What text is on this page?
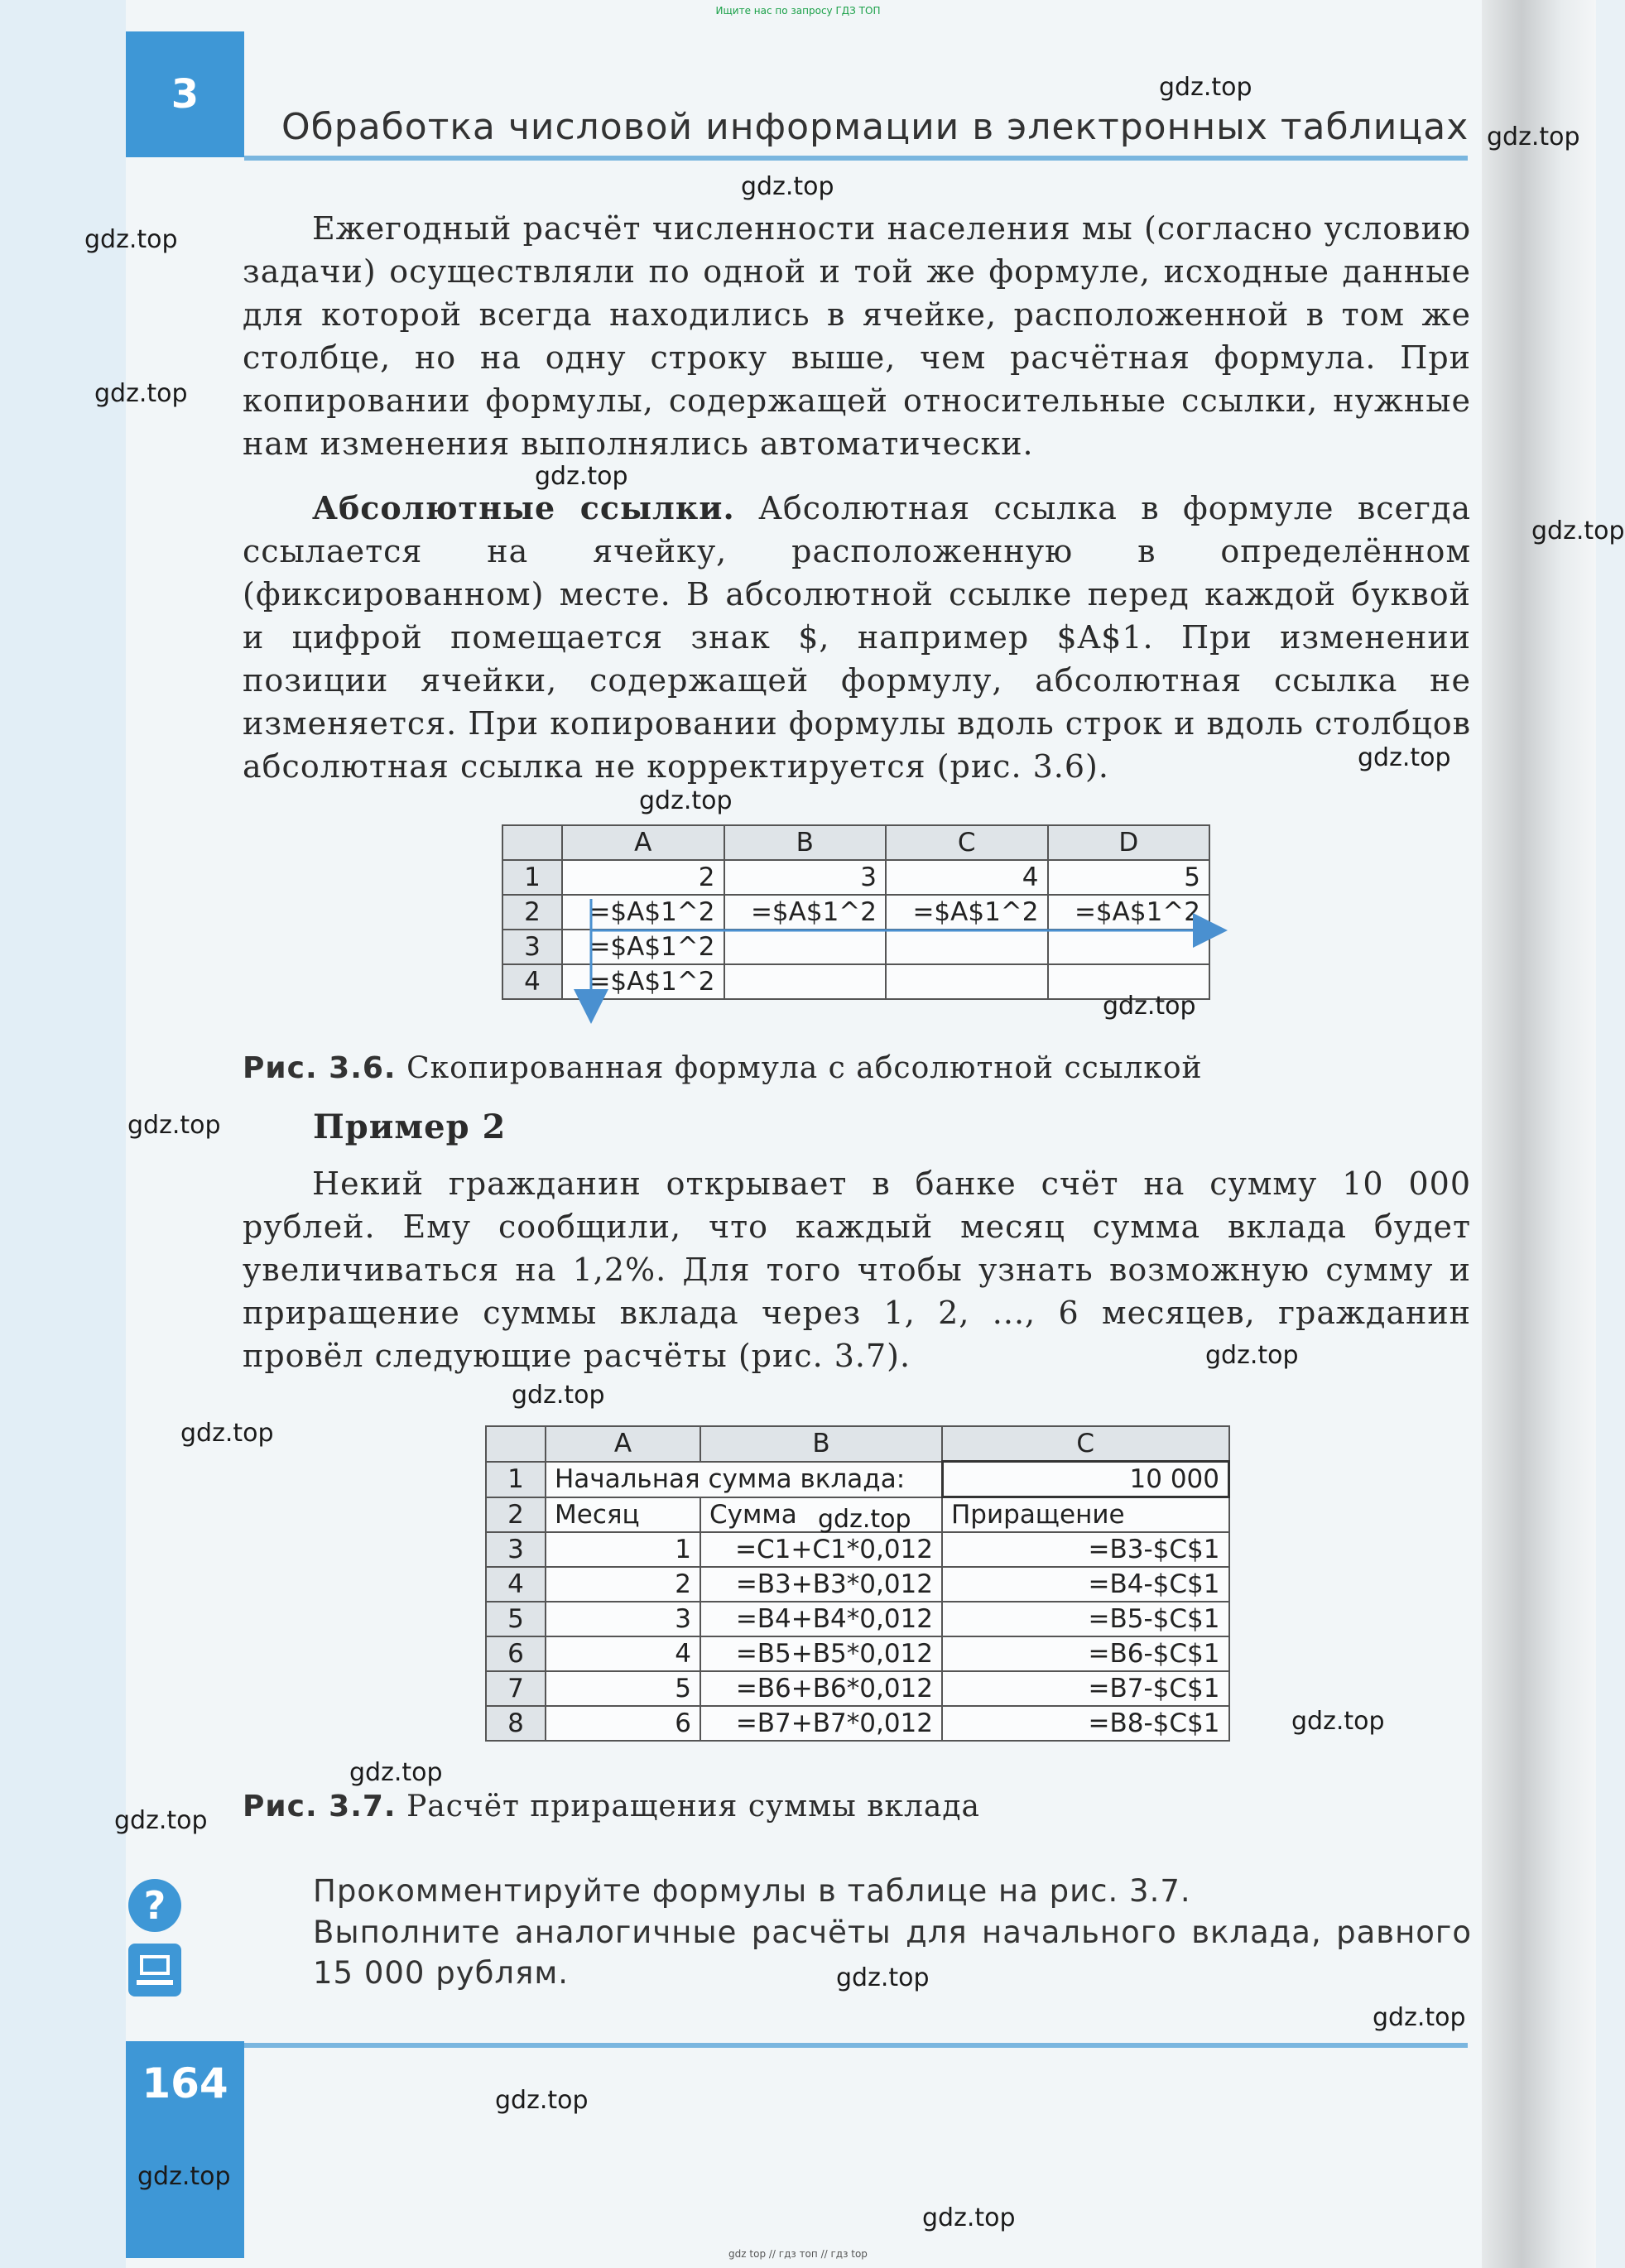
Ищите нас по запросу ГДЗ ТОП
3
Обработка числовой информации в электронных таблицах

Ежегодный расчёт численности населения мы (согласно условию задачи) осуществляли по одной и той же формуле, исходные данные для которой всегда находились в ячейке, расположенной в том же столбце, но на одну строку выше, чем расчётная формула. При копировании формулы, содержащей относительные ссылки, нужные нам изменения выполнялись автоматически.

Абсолютные ссылки. Абсолютная ссылка в формуле всегда ссылается на ячейку, расположенную в определённом (фиксированном) месте. В абсолютной ссылке перед каждой буквой и цифрой помещается знак $, например $A$1. При изменении позиции ячейки, содержащей формулу, абсолютная ссылка не изменяется. При копировании формулы вдоль строк и вдоль столбцов абсолютная ссылка не корректируется (рис. 3.6).

	A	B	C	D
1	2	3	4	5
2	=$A$1^2	=$A$1^2	=$A$1^2	=$A$1^2
3	=$A$1^2			
4	=$A$1^2			
Рис. 3.6. Скопированная формула с абсолютной ссылкой
Пример 2

Некий гражданин открывает в банке счёт на сумму 10 000 рублей. Ему сообщили, что каждый месяц сумма вклада будет увеличиваться на 1,2%. Для того чтобы узнать возможную сумму и приращение суммы вклада через 1, 2, ..., 6 месяцев, гражданин провёл следующие расчёты (рис. 3.7).

	A	B	C
1	Начальная сумма вклада:		10 000
2	Месяц	Сумма	Приращение
3	1	=C1+C1*0,012	=B3-$C$1
4	2	=B3+B3*0,012	=B4-$C$1
5	3	=B4+B4*0,012	=B5-$C$1
6	4	=B5+B5*0,012	=B6-$C$1
7	5	=B6+B6*0,012	=B7-$C$1
8	6	=B7+B7*0,012	=B8-$C$1
Рис. 3.7. Расчёт приращения суммы вклада
?	Прокомментируйте формулы в таблице на рис. 3.7.

Выполните аналогичные расчёты для начального вклада, равного 15 000 рублям.

164
gdz.top
gdz.top
gdz.top
gdz.top
gdz.top
gdz.top
gdz.top
gdz.top
gdz.top
gdz.top
gdz.top
gdz.top
gdz.top
gdz.top
gdz.top
gdz.top
gdz.top
gdz.top
gdz.top
gdz.top
gdz.top
gdz.top
gdz.top
gdz top // гдз топ // гдз top
